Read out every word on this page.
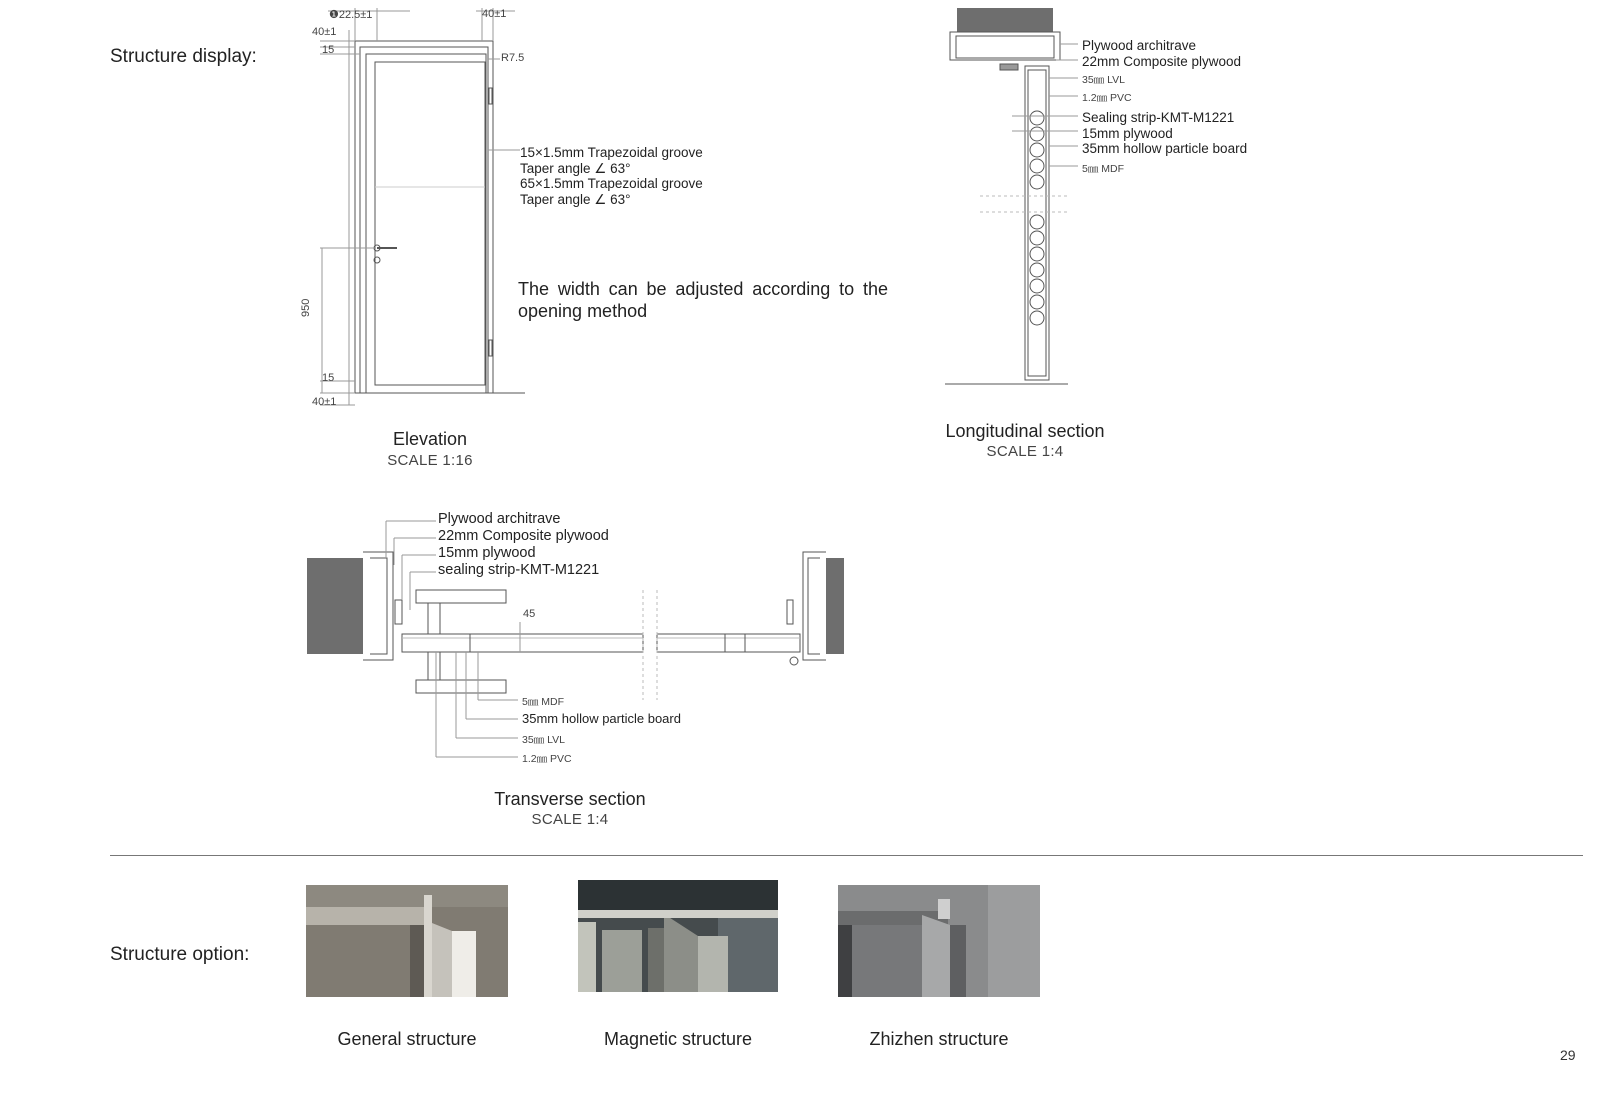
Structure display:
Structure option:
❶22.5±1	40±1
40±1
15
R7.5
950
15
40±1
15×1.5mm Trapezoidal groove
Taper angle ∠ 63°
65×1.5mm Trapezoidal groove
Taper angle ∠ 63°
The width can be adjusted according to the opening method
Elevation
SCALE 1:16
Plywood architrave
22mm Composite plywood
35㎜ LVL
1.2㎜ PVC
Sealing strip-KMT-M1221
15mm plywood
35mm hollow particle board
5㎜ MDF
Longitudinal section
SCALE 1:4
Plywood architrave
22mm Composite plywood
15mm plywood
sealing strip-KMT-M1221
45
5㎜ MDF
35mm hollow particle board
35㎜ LVL
1.2㎜ PVC
Transverse section
SCALE 1:4
General structure	Magnetic structure	Zhizhen structure
29
